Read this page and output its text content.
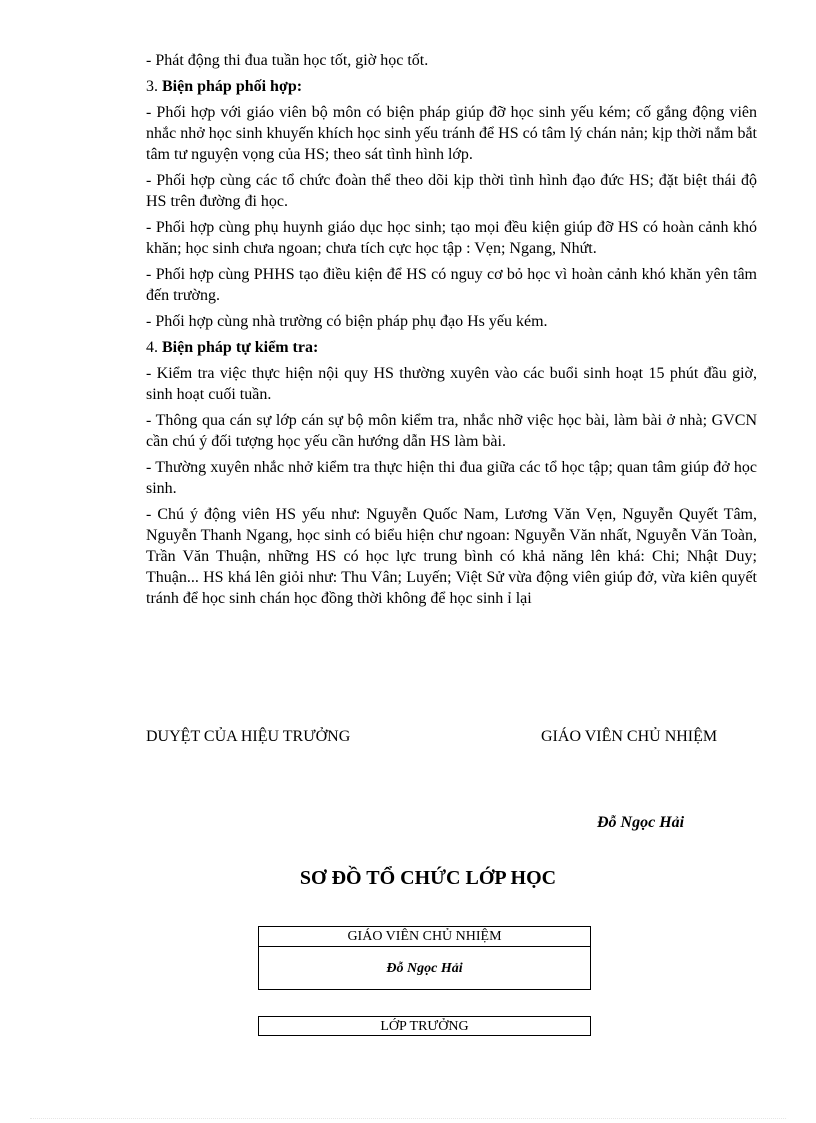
- Phát động thi đua tuần học tốt, giờ học tốt.

3. Biện pháp phối hợp:

- Phối hợp với giáo viên bộ môn có biện pháp giúp đỡ học sinh yếu kém; cố gắng động viên nhắc nhở học sinh khuyến khích học sinh yếu tránh để HS có tâm lý chán nản; kịp thời nắm bắt tâm tư nguyện vọng của HS; theo sát tình hình lớp.

- Phối hợp cùng các tổ chức đoàn thể theo dõi kịp thời tình hình đạo đức HS; đặt biệt thái độ HS trên đường đi học.

- Phối hợp cùng phụ huynh giáo dục học sinh; tạo mọi đều kiện giúp đỡ HS có hoàn cảnh khó khăn; học sinh chưa ngoan; chưa tích cực học tập : Vẹn; Ngang, Nhứt.

- Phối hợp cùng PHHS tạo điều kiện để HS có nguy cơ bỏ học vì hoàn cảnh khó khăn yên tâm đến trường.

- Phối hợp cùng nhà trường có biện pháp phụ đạo Hs yếu kém.

4. Biện pháp tự kiểm tra:

- Kiểm tra việc thực hiện nội quy HS thường xuyên vào các buổi sinh hoạt 15 phút đầu giờ, sinh hoạt cuối tuần.

- Thông qua cán sự lớp cán sự bộ môn kiểm tra, nhắc nhỡ việc học bài, làm bài ở nhà; GVCN cần chú ý đối tượng học yếu cần hướng dẫn HS làm bài.

- Thường xuyên nhắc nhở kiểm tra thực hiện thi đua giữa các tổ học tập; quan tâm giúp đở học sinh.

- Chú ý động viên HS yếu như: Nguyễn Quốc Nam, Lương Văn Vẹn, Nguyễn Quyết Tâm, Nguyễn Thanh Ngang, học sinh có biểu hiện chư ngoan: Nguyễn Văn nhất, Nguyễn Văn Toàn, Trần Văn Thuận, những HS có học lực trung bình có khả năng lên khá: Chi; Nhật Duy; Thuận... HS khá lên giỏi như: Thu Vân; Luyến; Việt Sử vừa động viên giúp đở, vừa kiên quyết tránh để học sinh chán học đồng thời không để học sinh ỉ lại

DUYỆT CỦA HIỆU TRƯỞNG	GIÁO VIÊN CHỦ NHIỆM
Đỗ Ngọc Hải
SƠ ĐỒ TỔ CHỨC LỚP HỌC
GIÁO VIÊN CHỦ NHIỆM
Đỗ Ngọc Hải
LỚP TRƯỞNG
